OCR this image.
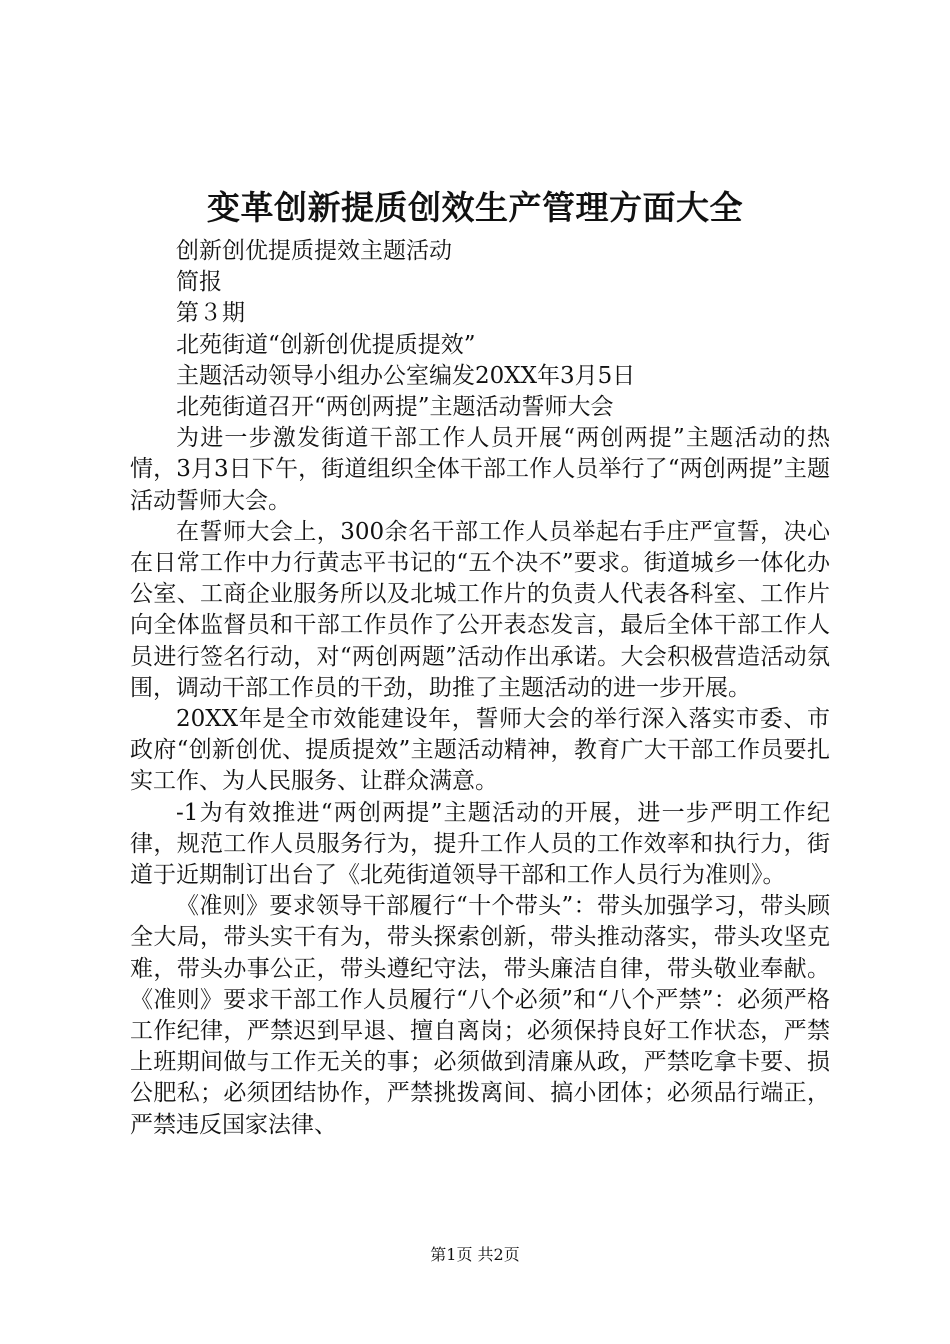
变革创新提质创效生产管理方面大全

创新创优提质提效主题活动

简报

第３期

北苑街道“创新创优提质提效”

主题活动领导小组办公室编发20XX年3月5日

北苑街道召开“两创两提”主题活动誓师大会

为进一步激发街道干部工作人员开展“两创两提”主题活动的热情，3月3日下午，街道组织全体干部工作人员举行了“两创两提”主题活动誓师大会。

在誓师大会上，300余名干部工作人员举起右手庄严宣誓，决心在日常工作中力行黄志平书记的“五个决不”要求。街道城乡一体化办公室、工商企业服务所以及北城工作片的负责人代表各科室、工作片向全体监督员和干部工作员作了公开表态发言，最后全体干部工作人员进行签名行动，对“两创两题”活动作出承诺。大会积极营造活动氛围，调动干部工作员的干劲，助推了主题活动的进一步开展。

20XX年是全市效能建设年，誓师大会的举行深入落实市委、市政府“创新创优、提质提效”主题活动精神，教育广大干部工作员要扎实工作、为人民服务、让群众满意。

-1为有效推进“两创两提”主题活动的开展，进一步严明工作纪律，规范工作人员服务行为，提升工作人员的工作效率和执行力，街道于近期制订出台了《北苑街道领导干部和工作人员行为准则》。

《准则》要求领导干部履行“十个带头”：带头加强学习，带头顾全大局，带头实干有为，带头探索创新，带头推动落实，带头攻坚克难，带头办事公正，带头遵纪守法，带头廉洁自律，带头敬业奉献。《准则》要求干部工作人员履行“八个必须”和“八个严禁”：必须严格工作纪律，严禁迟到早退、擅自离岗；必须保持良好工作状态，严禁上班期间做与工作无关的事；必须做到清廉从政，严禁吃拿卡要、损公肥私；必须团结协作，严禁挑拨离间、搞小团体；必须品行端正，严禁违反国家法律、

第1页 共2页
